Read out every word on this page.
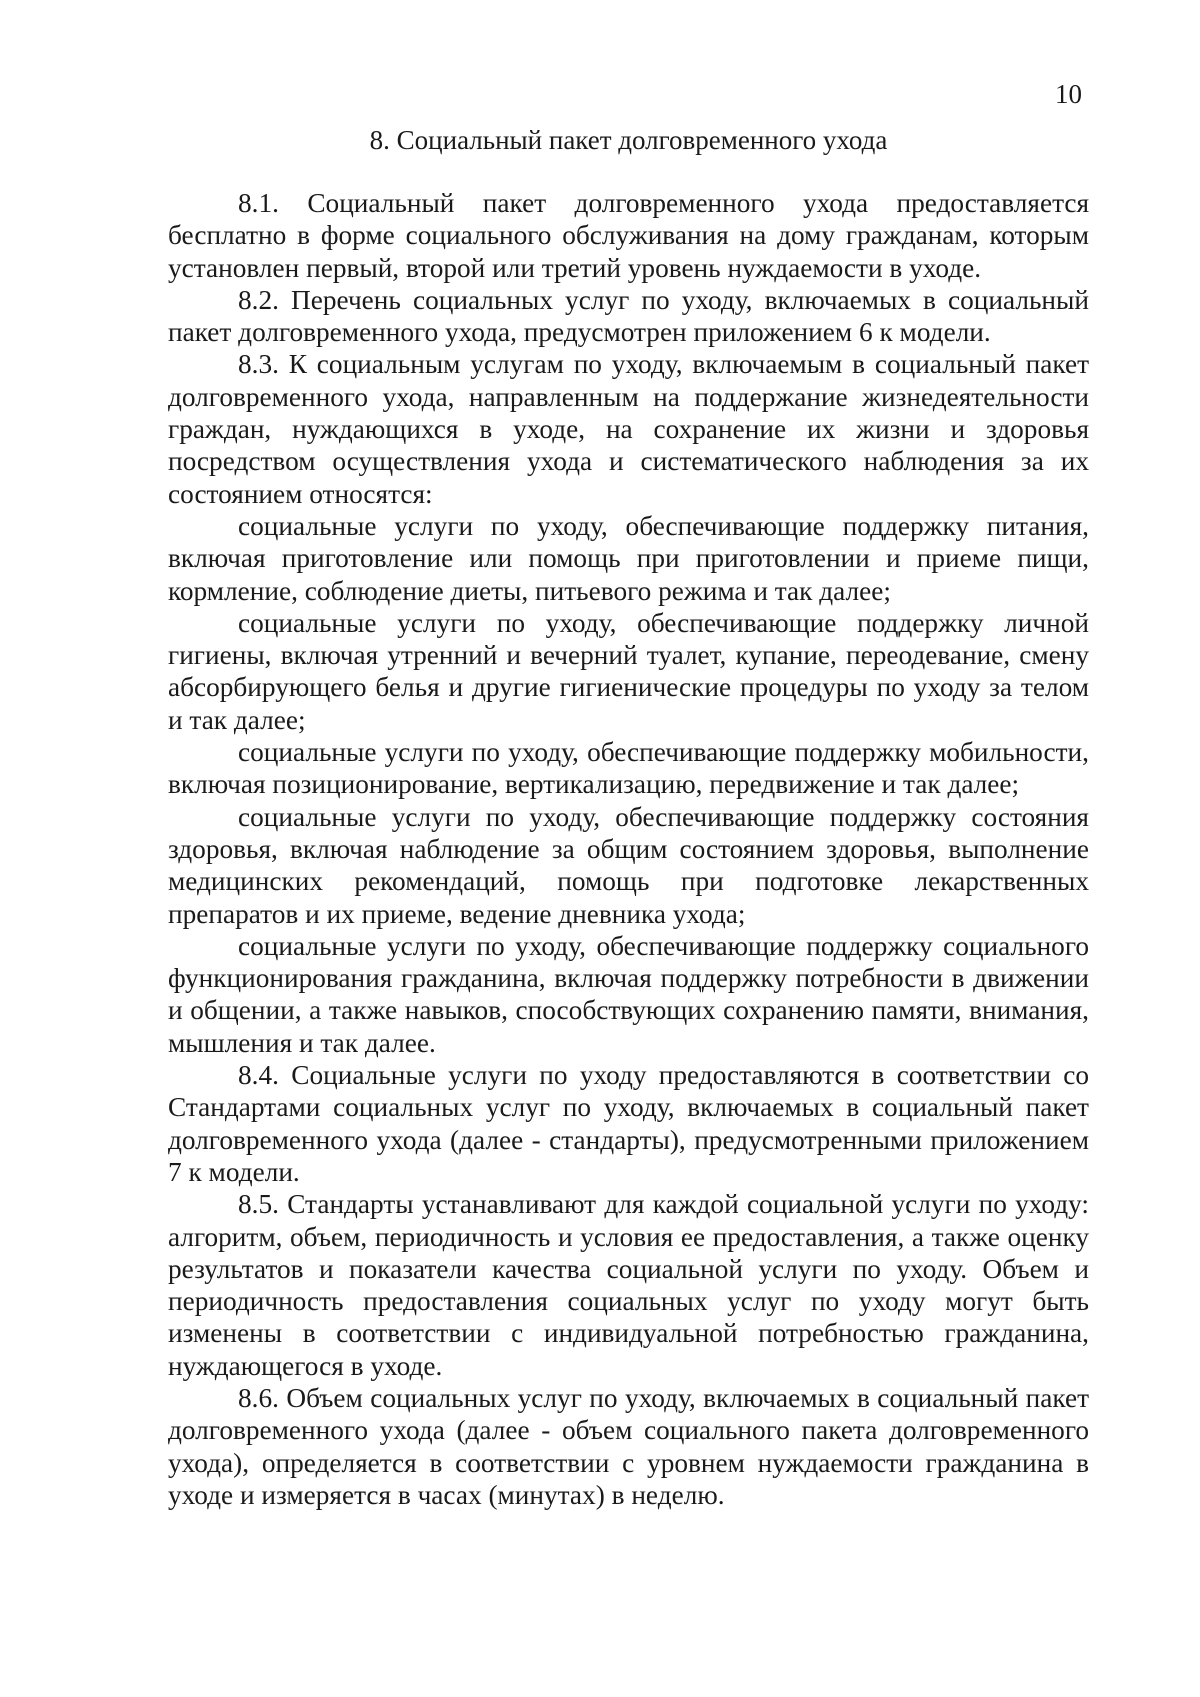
10
8. Социальный пакет долговременного ухода

8.1. Социальный пакет долговременного ухода предоставляется бесплатно в форме социального обслуживания на дому гражданам, которым установлен первый, второй или третий уровень нуждаемости в уходе.

8.2. Перечень социальных услуг по уходу, включаемых в социальный пакет долговременного ухода, предусмотрен приложением 6 к модели.

8.3. К социальным услугам по уходу, включаемым в социальный пакет долговременного ухода, направленным на поддержание жизнедеятельности граждан, нуждающихся в уходе, на сохранение их жизни и здоровья посредством осуществления ухода и систематического наблюдения за их состоянием относятся:

социальные услуги по уходу, обеспечивающие поддержку питания, включая приготовление или помощь при приготовлении и приеме пищи, кормление, соблюдение диеты, питьевого режима и так далее;

социальные услуги по уходу, обеспечивающие поддержку личной гигиены, включая утренний и вечерний туалет, купание, переодевание, смену абсорбирующего белья и другие гигиенические процедуры по уходу за телом и так далее;

социальные услуги по уходу, обеспечивающие поддержку мобильности, включая позиционирование, вертикализацию, передвижение и так далее;

социальные услуги по уходу, обеспечивающие поддержку состояния здоровья, включая наблюдение за общим состоянием здоровья, выполнение медицинских рекомендаций, помощь при подготовке лекарственных препаратов и их приеме, ведение дневника ухода;

социальные услуги по уходу, обеспечивающие поддержку социального функционирования гражданина, включая поддержку потребности в движении и общении, а также навыков, способствующих сохранению памяти, внимания, мышления и так далее.

8.4. Социальные услуги по уходу предоставляются в соответствии со Стандартами социальных услуг по уходу, включаемых в социальный пакет долговременного ухода (далее - стандарты), предусмотренными приложением 7 к модели.

8.5. Стандарты устанавливают для каждой социальной услуги по уходу: алгоритм, объем, периодичность и условия ее предоставления, а также оценку результатов и показатели качества социальной услуги по уходу. Объем и периодичность предоставления социальных услуг по уходу могут быть изменены в соответствии с индивидуальной потребностью гражданина, нуждающегося в уходе.

8.6. Объем социальных услуг по уходу, включаемых в социальный пакет долговременного ухода (далее - объем социального пакета долговременного ухода), определяется в соответствии с уровнем нуждаемости гражданина в уходе и измеряется в часах (минутах) в неделю.
